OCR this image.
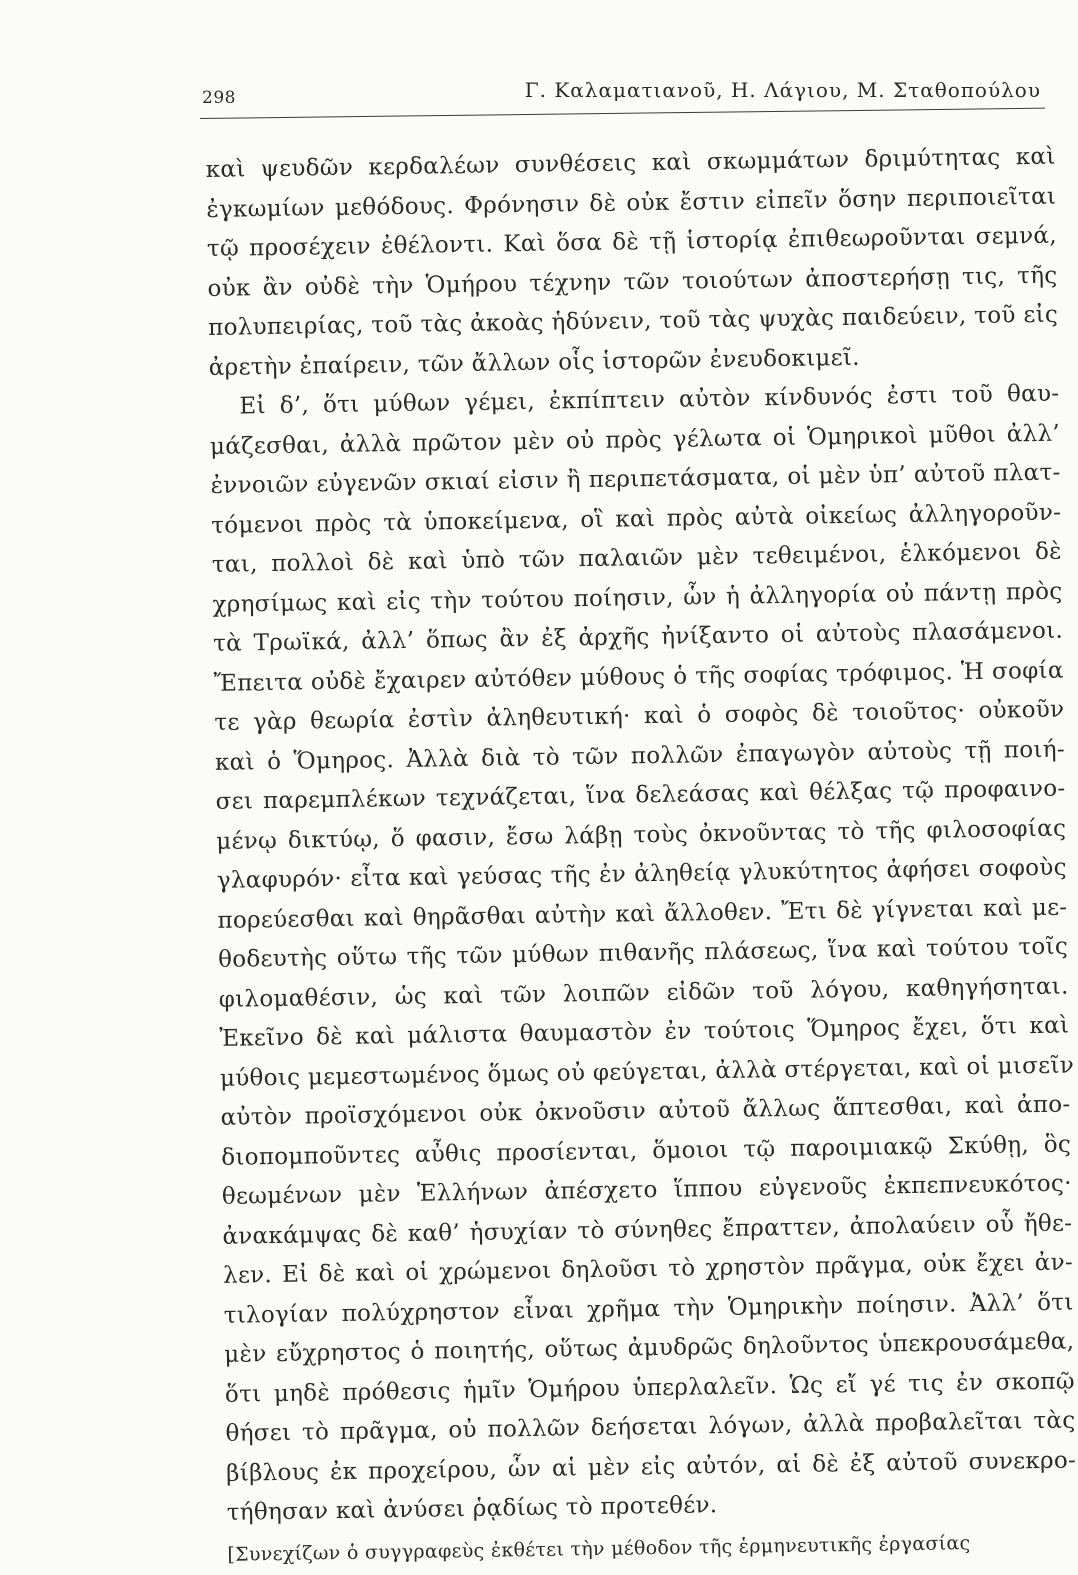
298	Γ. Καλαματιανοῦ, Η. Λάγιου, Μ. Σταθοπούλου
καὶ ψευδῶν κερδαλέων συνθέσεις καὶ σκωμμάτων δριμύτητας καὶ
ἐγκωμίων μεθόδους. Φρόνησιν δὲ οὐκ ἔστιν εἰπεῖν ὅσην περιποιεῖται
τῷ προσέχειν ἐθέλοντι. Καὶ ὅσα δὲ τῇ ἱστορίᾳ ἐπιθεωροῦνται σεμνά,
οὐκ ἂν οὐδὲ τὴν Ὁμήρου τέχνην τῶν τοιούτων ἀποστερήσῃ τις, τῆς
πολυπειρίας, τοῦ τὰς ἀκοὰς ἡδύνειν, τοῦ τὰς ψυχὰς παιδεύειν, τοῦ εἰς
ἀρετὴν ἐπαίρειν, τῶν ἄλλων οἷς ἱστορῶν ἐνευδοκιμεῖ.
Εἰ δ’, ὅτι μύθων γέμει, ἐκπίπτειν αὐτὸν κίνδυνός ἐστι τοῦ θαυ-
μάζεσθαι, ἀλλὰ πρῶτον μὲν οὐ πρὸς γέλωτα οἱ Ὁμηρικοὶ μῦθοι ἀλλ’
ἐννοιῶν εὐγενῶν σκιαί εἰσιν ἢ περιπετάσματα, οἱ μὲν ὑπ’ αὐτοῦ πλατ-
τόμενοι πρὸς τὰ ὑποκείμενα, οἳ καὶ πρὸς αὐτὰ οἰκείως ἀλληγοροῦν-
ται, πολλοὶ δὲ καὶ ὑπὸ τῶν παλαιῶν μὲν τεθειμένοι, ἑλκόμενοι δὲ
χρησίμως καὶ εἰς τὴν τούτου ποίησιν, ὧν ἡ ἀλληγορία οὐ πάντῃ πρὸς
τὰ Τρωϊκά, ἀλλ’ ὅπως ἂν ἐξ ἀρχῆς ἠνίξαντο οἱ αὐτοὺς πλασάμενοι.
Ἔπειτα οὐδὲ ἔχαιρεν αὐτόθεν μύθους ὁ τῆς σοφίας τρόφιμος. Ἡ σοφία
τε γὰρ θεωρία ἐστὶν ἀληθευτική· καὶ ὁ σοφὸς δὲ τοιοῦτος· οὐκοῦν
καὶ ὁ Ὅμηρος. Ἀλλὰ διὰ τὸ τῶν πολλῶν ἐπαγωγὸν αὐτοὺς τῇ ποιή-
σει παρεμπλέκων τεχνάζεται, ἵνα δελεάσας καὶ θέλξας τῷ προφαινο-
μένῳ δικτύῳ, ὅ φασιν, ἔσω λάβῃ τοὺς ὀκνοῦντας τὸ τῆς φιλοσοφίας
γλαφυρόν· εἶτα καὶ γεύσας τῆς ἐν ἀληθείᾳ γλυκύτητος ἀφήσει σοφοὺς
πορεύεσθαι καὶ θηρᾶσθαι αὐτὴν καὶ ἄλλοθεν. Ἔτι δὲ γίγνεται καὶ με-
θοδευτὴς οὕτω τῆς τῶν μύθων πιθανῆς πλάσεως, ἵνα καὶ τούτου τοῖς
φιλομαθέσιν, ὡς καὶ τῶν λοιπῶν εἰδῶν τοῦ λόγου, καθηγήσηται.
Ἐκεῖνο δὲ καὶ μάλιστα θαυμαστὸν ἐν τούτοις Ὅμηρος ἔχει, ὅτι καὶ
μύθοις μεμεστωμένος ὅμως οὐ φεύγεται, ἀλλὰ στέργεται, καὶ οἱ μισεῖν
αὐτὸν προϊσχόμενοι οὐκ ὀκνοῦσιν αὐτοῦ ἄλλως ἅπτεσθαι, καὶ ἀπο-
διοπομποῦντες αὖθις προσίενται, ὅμοιοι τῷ παροιμιακῷ Σκύθῃ, ὃς
θεωμένων μὲν Ἑλλήνων ἀπέσχετο ἵππου εὐγενοῦς ἐκπεπνευκότος·
ἀνακάμψας δὲ καθ’ ἡσυχίαν τὸ σύνηθες ἔπραττεν, ἀπολαύειν οὗ ἤθε-
λεν. Εἰ δὲ καὶ οἱ χρώμενοι δηλοῦσι τὸ χρηστὸν πρᾶγμα, οὐκ ἔχει ἀν-
τιλογίαν πολύχρηστον εἶναι χρῆμα τὴν Ὁμηρικὴν ποίησιν. Ἀλλ’ ὅτι
μὲν εὔχρηστος ὁ ποιητής, οὕτως ἀμυδρῶς δηλοῦντος ὑπεκρουσάμεθα,
ὅτι μηδὲ πρόθεσις ἡμῖν Ὁμήρου ὑπερλαλεῖν. Ὡς εἴ γέ τις ἐν σκοπῷ
θήσει τὸ πρᾶγμα, οὐ πολλῶν δεήσεται λόγων, ἀλλὰ προβαλεῖται τὰς
βίβλους ἐκ προχείρου, ὧν αἱ μὲν εἰς αὐτόν, αἱ δὲ ἐξ αὐτοῦ συνεκρο-
τήθησαν καὶ ἀνύσει ῥᾳδίως τὸ προτεθέν.
[Συνεχίζων ὁ συγγραφεὺς ἐκθέτει τὴν μέθοδον τῆς ἑρμηνευτικῆς ἐργασίας
